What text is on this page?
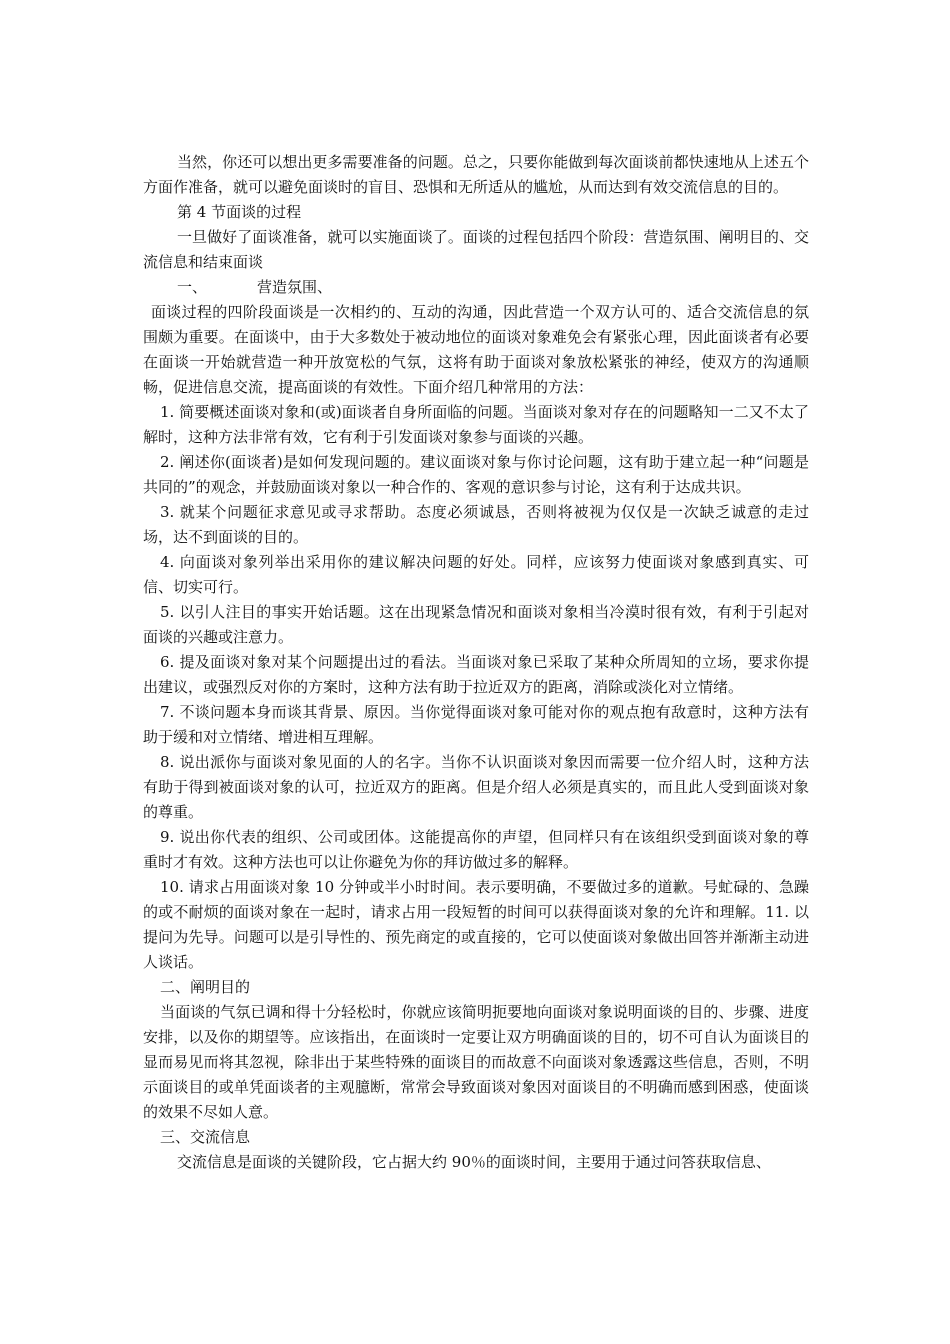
当然，你还可以想出更多需要准备的问题。总之，只要你能做到每次面谈前都快速地从上述五个方面作准备，就可以避免面谈时的盲目、恐惧和无所适从的尴尬，从而达到有效交流信息的目的。

第 4 节面谈的过程

一旦做好了面谈准备，就可以实施面谈了。面谈的过程包括四个阶段：营造氛围、阐明目的、交流信息和结束面谈

一、	营造氛围、

面谈过程的四阶段面谈是一次相约的、互动的沟通，因此营造一个双方认可的、适合交流信息的氛围颇为重要。在面谈中，由于大多数处于被动地位的面谈对象难免会有紧张心理，因此面谈者有必要在面谈一开始就营造一种开放宽松的气氛，这将有助于面谈对象放松紧张的神经，使双方的沟通顺畅，促进信息交流，提高面谈的有效性。下面介绍几种常用的方法：

1. 简要概述面谈对象和(或)面谈者自身所面临的问题。当面谈对象对存在的问题略知一二又不太了解时，这种方法非常有效，它有利于引发面谈对象参与面谈的兴趣。

2. 阐述你(面谈者)是如何发现问题的。建议面谈对象与你讨论问题，这有助于建立起一种“问题是共同的”的观念，并鼓励面谈对象以一种合作的、客观的意识参与讨论，这有利于达成共识。

3. 就某个问题征求意见或寻求帮助。态度必须诚恳，否则将被视为仅仅是一次缺乏诚意的走过场，达不到面谈的目的。

4. 向面谈对象列举出采用你的建议解决问题的好处。同样，应该努力使面谈对象感到真实、可信、切实可行。

5. 以引人注目的事实开始话题。这在出现紧急情况和面谈对象相当冷漠时很有效，有利于引起对面谈的兴趣或注意力。

6. 提及面谈对象对某个问题提出过的看法。当面谈对象已采取了某种众所周知的立场，要求你提出建议，或强烈反对你的方案时，这种方法有助于拉近双方的距离，消除或淡化对立情绪。

7. 不谈问题本身而谈其背景、原因。当你觉得面谈对象可能对你的观点抱有敌意时，这种方法有助于缓和对立情绪、增进相互理解。

8. 说出派你与面谈对象见面的人的名字。当你不认识面谈对象因而需要一位介绍人时，这种方法有助于得到被面谈对象的认可，拉近双方的距离。但是介绍人必须是真实的，而且此人受到面谈对象的尊重。

9. 说出你代表的组织、公司或团体。这能提高你的声望，但同样只有在该组织受到面谈对象的尊重时才有效。这种方法也可以让你避免为你的拜访做过多的解释。

10. 请求占用面谈对象 10 分钟或半小时时间。表示要明确，不要做过多的道歉。号虻碌的、急躁的或不耐烦的面谈对象在一起时，请求占用一段短暂的时间可以获得面谈对象的允许和理解。11. 以提问为先导。问题可以是引导性的、预先商定的或直接的，它可以使面谈对象做出回答并渐渐主动进人谈话。

二、阐明目的

当面谈的气氛已调和得十分轻松时，你就应该简明扼要地向面谈对象说明面谈的目的、步骤、进度安排，以及你的期望等。应该指出，在面谈时一定要让双方明确面谈的目的，切不可自认为面谈目的显而易见而将其忽视，除非出于某些特殊的面谈目的而故意不向面谈对象透露这些信息，否则，不明示面谈目的或单凭面谈者的主观臆断，常常会导致面谈对象因对面谈目的不明确而感到困惑，使面谈的效果不尽如人意。

三、交流信息

交流信息是面谈的关键阶段，它占据大约 90％的面谈时间，主要用于通过问答获取信息、
